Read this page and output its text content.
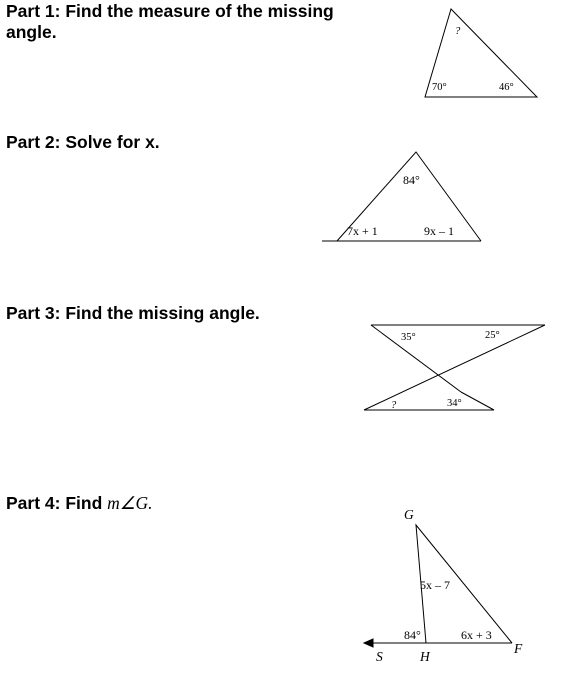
Part 1: Find the measure of the missing
angle.	?
70°	46°
Part 2: Solve for x.
84°
7x + 1	9x – 1
Part 3: Find the missing angle.
35°	25°
?	34°
Part 4: Find m∠G.
G
S	H
F
5x – 7
84°	6x + 3
